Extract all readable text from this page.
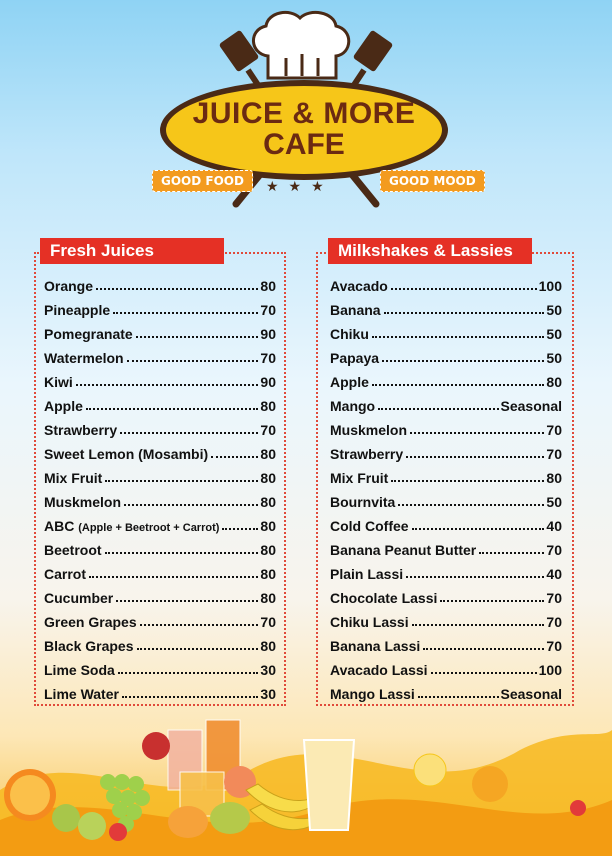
JUICE & MORE
CAFE
GOOD FOOD	GOOD MOOD
★★★
Fresh Juices
Orange	80
Pineapple	70
Pomegranate	90
Watermelon	70
Kiwi	90
Apple	80
Strawberry	70
Sweet Lemon (Mosambi)	80
Mix Fruit	80
Muskmelon	80
ABC (Apple + Beetroot + Carrot)	80
Beetroot	80
Carrot	80
Cucumber	80
Green Grapes	70
Black Grapes	80
Lime Soda	30
Lime Water	30
Milkshakes & Lassies
Avacado	100
Banana	50
Chiku	50
Papaya	50
Apple	80
Mango	Seasonal
Muskmelon	70
Strawberry	70
Mix Fruit	80
Bournvita	50
Cold Coffee	40
Banana Peanut Butter	70
Plain Lassi	40
Chocolate Lassi	70
Chiku Lassi	70
Banana Lassi	70
Avacado Lassi	100
Mango Lassi	Seasonal
